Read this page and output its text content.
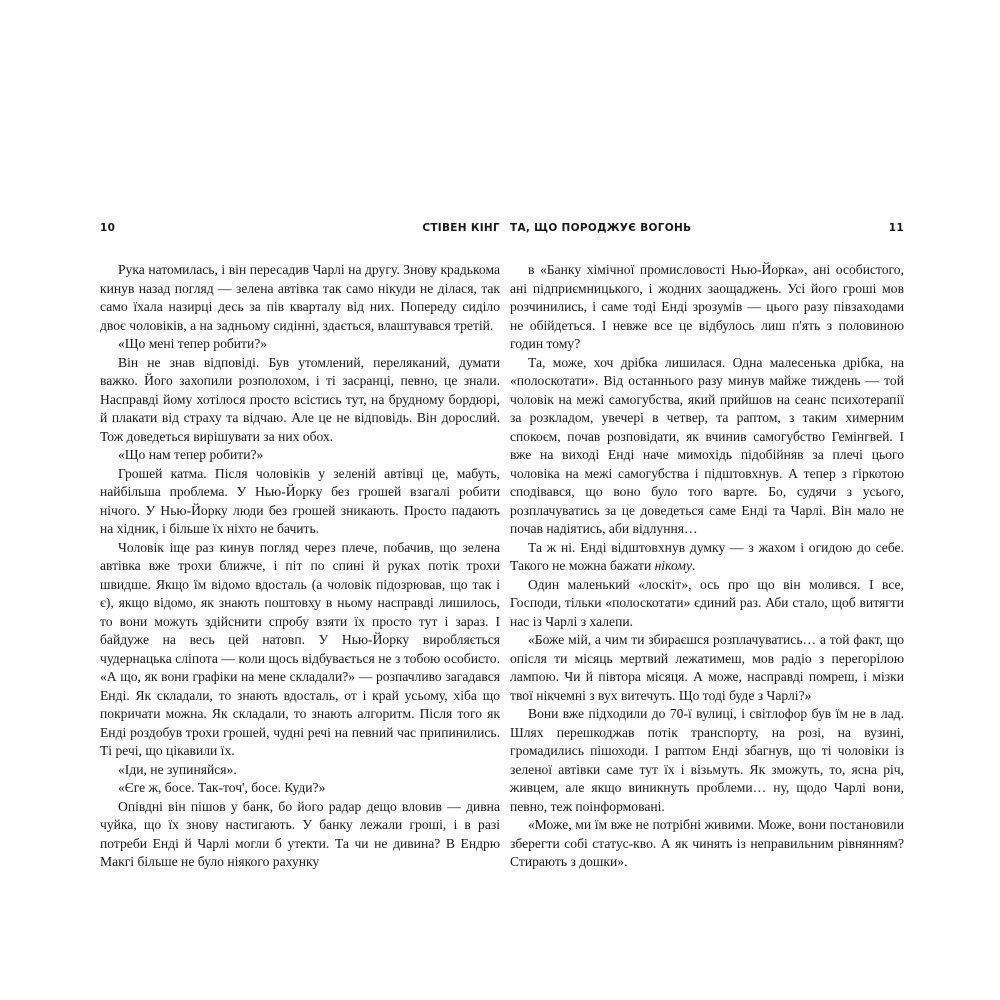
10	СТІВЕН КІНГ

Рука натомилась, і він пересадив Чарлі на другу. Знову крадькома кинув назад погляд — зелена автівка так само нікуди не ділася, так само їхала назирці десь за пів кварталу від них. Попереду сиділо двоє чоловіків, а на задньому сидінні, здається, влаштувався третій.

«Що мені тепер робити?»

Він не знав відповіді. Був утомлений, переляканий, думати важко. Його захопили розполохом, і ті засранці, певно, це знали. Насправді йому хотілося просто всістись тут, на брудному бордюрі, й плакати від страху та відчаю. Але це не відповідь. Він дорослий. Тож доведеться вирішувати за них обох.

«Що нам тепер робити?»

Грошей катма. Після чоловіків у зеленій автівці це, мабуть, найбільша проблема. У Нью-Йорку без грошей взагалі робити нічого. У Нью-Йорку люди без грошей зникають. Просто падають на хідник, і більше їх ніхто не бачить.

Чоловік іще раз кинув погляд через плече, побачив, що зелена автівка вже трохи ближче, і піт по спині й руках потік трохи швидше. Якщо їм відомо вдосталь (а чоловік підозрював, що так і є), якщо відомо, як знають поштовху в ньому насправді лишилось, то вони можуть здійснити спробу взяти їх просто тут і зараз. І байдуже на весь цей натовп. У Нью-Йорку виробляється чудернацька сліпота — коли щось відбувається не з тобою особисто. «А що, як вони графіки на мене складали?» — розпачливо загадався Енді. Як складали, то знають вдосталь, от і край усьому, хіба що покричати можна. Як складали, то знають алгоритм. Після того як Енді роздобув трохи грошей, чудні речі на певний час припинились. Ті речі, що цікавили їх.

«Іди, не зупиняйся».

«Єге ж, босе. Так-точ', босе. Куди?»

Опівдні він пішов у банк, бо його радар дещо вловив — дивна чуйка, що їх знову настигають. У банку лежали гроші, і в разі потреби Енді й Чарлі могли б утекти. Та чи не дивина? В Ендрю Макгі більше не було ніякого рахунку

ТА, ЩО ПОРОДЖУЄ ВОГОНЬ	11

в «Банку хімічної промисловості Нью-Йорка», ані особистого, ані підприємницького, і жодних заощаджень. Усі його гроші мов розчинились, і саме тоді Енді зрозумів — цього разу півзаходами не обійдеться. І невже все це відбулось лиш п'ять з половиною годин тому?

Та, може, хоч дрібка лишилася. Одна малесенька дрібка, на «полоскотати». Від останнього разу минув майже тиждень — той чоловік на межі самогубства, який прийшов на сеанс психотерапії за розкладом, увечері в четвер, та раптом, з таким химерним спокоєм, почав розповідати, як вчинив самогубство Гемінгвей. І вже на виході Енді наче мимохідь підобійняв за плечі цього чоловіка на межі самогубства і підштовхнув. А тепер з гіркотою сподівався, що воно було того варте. Бо, судячи з усього, розплачуватись за це доведеться саме Енді та Чарлі. Він мало не почав надіятись, аби відлуння…

Та ж ні. Енді відштовхнув думку — з жахом і огидою до себе. Такого не можна бажати нікому.

Один маленький «лоскіт», ось про що він молився. І все, Господи, тільки «полоскотати» єдиний раз. Аби стало, щоб витягти нас із Чарлі з халепи.

«Боже мій, а чим ти збираєшся розплачуватись… а той факт, що опісля ти місяць мертвий лежатимеш, мов радіо з перегорілою лампою. Чи й півтора місяця. А може, насправді помреш, і мізки твої нікчемні з вух витечуть. Що тоді буде з Чарлі?»

Вони вже підходили до 70-ї вулиці, і світлофор був їм не в лад. Шлях перешкоджав потік транспорту, на розі, на вузині, громадились пішоходи. І раптом Енді збагнув, що ті чоловіки із зеленої автівки саме тут їх і візьмуть. Як зможуть, то, ясна річ, живцем, але якщо виникнуть проблеми… ну, щодо Чарлі вони, певно, теж поінформовані.

«Може, ми їм вже не потрібні живими. Може, вони постановили зберегти собі статус-кво. А як чинять із неправильним рівнянням? Стирають з дошки».
